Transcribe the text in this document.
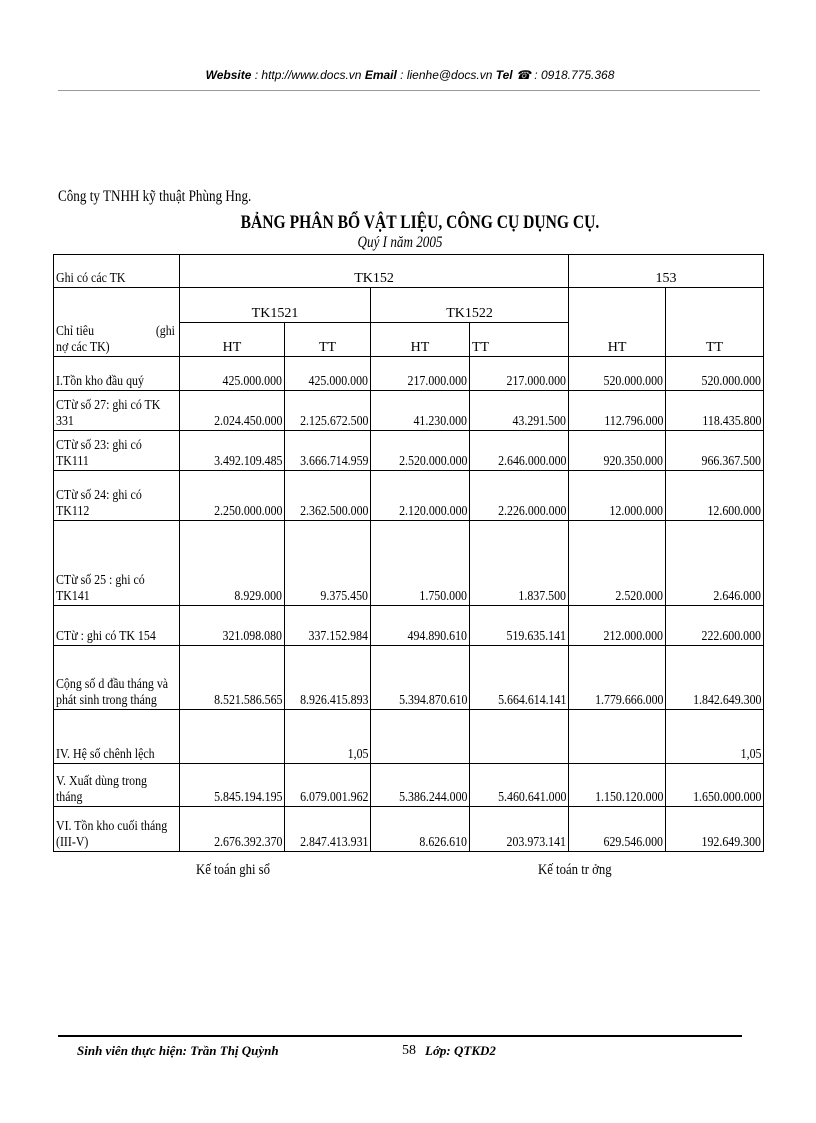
Website : http://www.docs.vn Email : lienhe@docs.vn Tel ☎ : 0918.775.368
Công ty TNHH kỹ thuật Phùng Hng.
BẢNG PHÂN BỔ VẬT LIỆU, CÔNG CỤ DỤNG CỤ.
Quý I năm 2005
Ghi có các TK	TK152				153	

Chỉ tiêu (ghi
nợ các TK)	TK1521		TK1522		HT	TT
	HT	TT	HT	TT		
I.Tồn kho đầu quý	425.000.000	425.000.000	217.000.000	217.000.000	520.000.000	520.000.000
CTừ số 27: ghi có TK 331	2.024.450.000	2.125.672.500	41.230.000	43.291.500	112.796.000	118.435.800
CTừ số 23: ghi có TK111	3.492.109.485	3.666.714.959	2.520.000.000	2.646.000.000	920.350.000	966.367.500
CTừ số 24: ghi có TK112	2.250.000.000	2.362.500.000	2.120.000.000	2.226.000.000	12.000.000	12.600.000
CTừ số 25 : ghi có TK141	8.929.000	9.375.450	1.750.000	1.837.500	2.520.000	2.646.000
CTừ : ghi có TK 154	321.098.080	337.152.984	494.890.610	519.635.141	212.000.000	222.600.000
Cộng số d đầu tháng và phát sinh trong tháng	8.521.586.565	8.926.415.893	5.394.870.610	5.664.614.141	1.779.666.000	1.842.649.300
IV. Hệ số chênh lệch		1,05				1,05
V. Xuất dùng trong tháng	5.845.194.195	6.079.001.962	5.386.244.000	5.460.641.000	1.150.120.000	1.650.000.000
VI. Tồn kho cuối tháng (III-V)	2.676.392.370	2.847.413.931	8.626.610	203.973.141	629.546.000	192.649.300
Kế toán ghi sổ	Kế toán tr ởng
Sinh viên thực hiện: Trần Thị Quỳnh	58 Lớp: QTKD2
